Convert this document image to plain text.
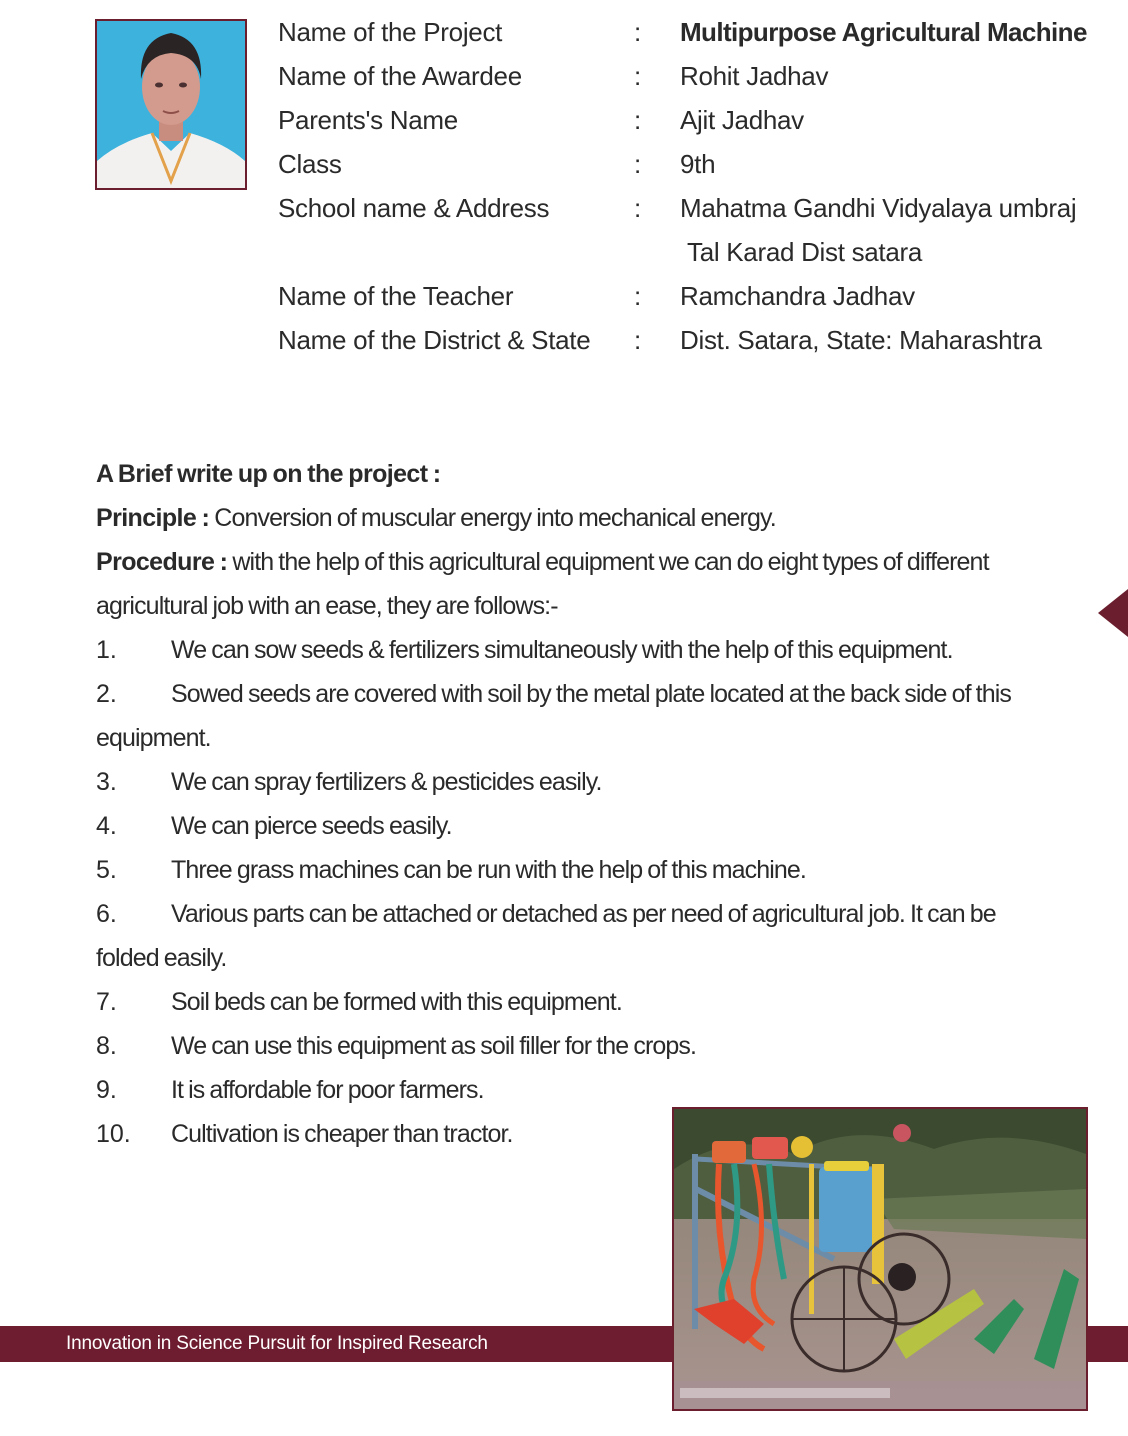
Name of the Project	: Multipurpose Agricultural Machine
Name of the Awardee	: Rohit Jadhav
Parents's Name	: Ajit Jadhav
Class	: 9th
School name & Address	: Mahatma Gandhi Vidyalaya umbraj
Tal Karad Dist satara
Name of the Teacher	: Ramchandra Jadhav
Name of the District & State : Dist. Satara, State: Maharashtra
A Brief write up on the project :
Principle : Conversion of muscular energy into mechanical energy.
Procedure : with the help of this agricultural equipment we can do eight types of different
agricultural job with an ease, they are follows:-
1. We can sow seeds & fertilizers simultaneously with the help of this equipment.
2. Sowed seeds are covered with soil by the metal plate located at the back side of this
equipment.
3. We can spray fertilizers & pesticides easily.
4. We can pierce seeds easily.
5. Three grass machines can be run with the help of this machine.
6. Various parts can be attached or detached as per need of agricultural job. It can be
folded easily.
7. Soil beds can be formed with this equipment.
8. We can use this equipment as soil filler for the crops.
9. It is affordable for poor farmers.
10. Cultivation is cheaper than tractor.
Innovation in Science Pursuit for Inspired Research
